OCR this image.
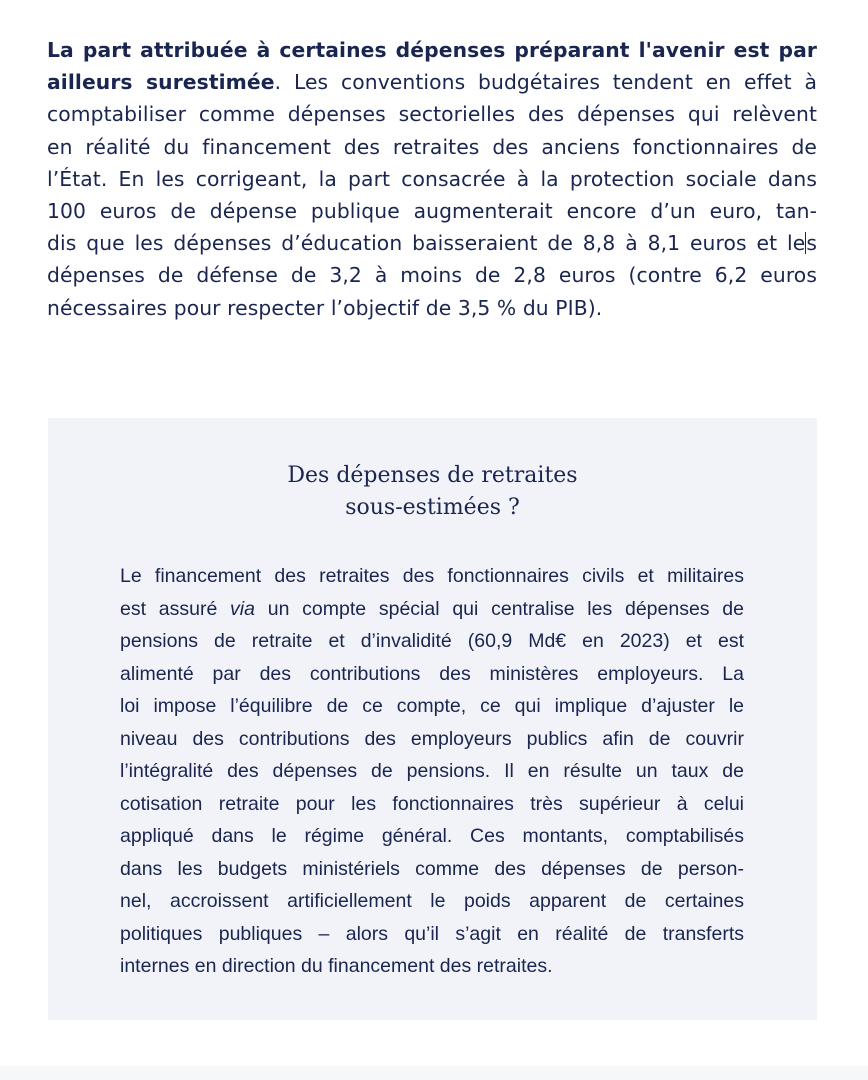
La part attribuée à certaines dépenses préparant l'avenir est par
ailleurs surestimée. Les conventions budgétaires tendent en effet à
comptabiliser comme dépenses sectorielles des dépenses qui relèvent
en réalité du financement des retraites des anciens fonctionnaires de
l’État. En les corrigeant, la part consacrée à la protection sociale dans
100 euros de dépense publique augmenterait encore d’un euro, tan-
dis que les dépenses d’éducation baisseraient de 8,8 à 8,1 euros et les
dépenses de défense de 3,2 à moins de 2,8 euros (contre 6,2 euros
nécessaires pour respecter l’objectif de 3,5 % du PIB).
Des dépenses de retraites
sous-estimées ?
Le financement des retraites des fonctionnaires civils et militaires
est assuré via un compte spécial qui centralise les dépenses de
pensions de retraite et d’invalidité (60,9 Md€ en 2023) et est
alimenté par des contributions des ministères employeurs. La
loi impose l’équilibre de ce compte, ce qui implique d’ajuster le
niveau des contributions des employeurs publics afin de couvrir
l’intégralité des dépenses de pensions. Il en résulte un taux de
cotisation retraite pour les fonctionnaires très supérieur à celui
appliqué dans le régime général. Ces montants, comptabilisés
dans les budgets ministériels comme des dépenses de person-
nel, accroissent artificiellement le poids apparent de certaines
politiques publiques – alors qu’il s’agit en réalité de transferts
internes en direction du financement des retraites.
